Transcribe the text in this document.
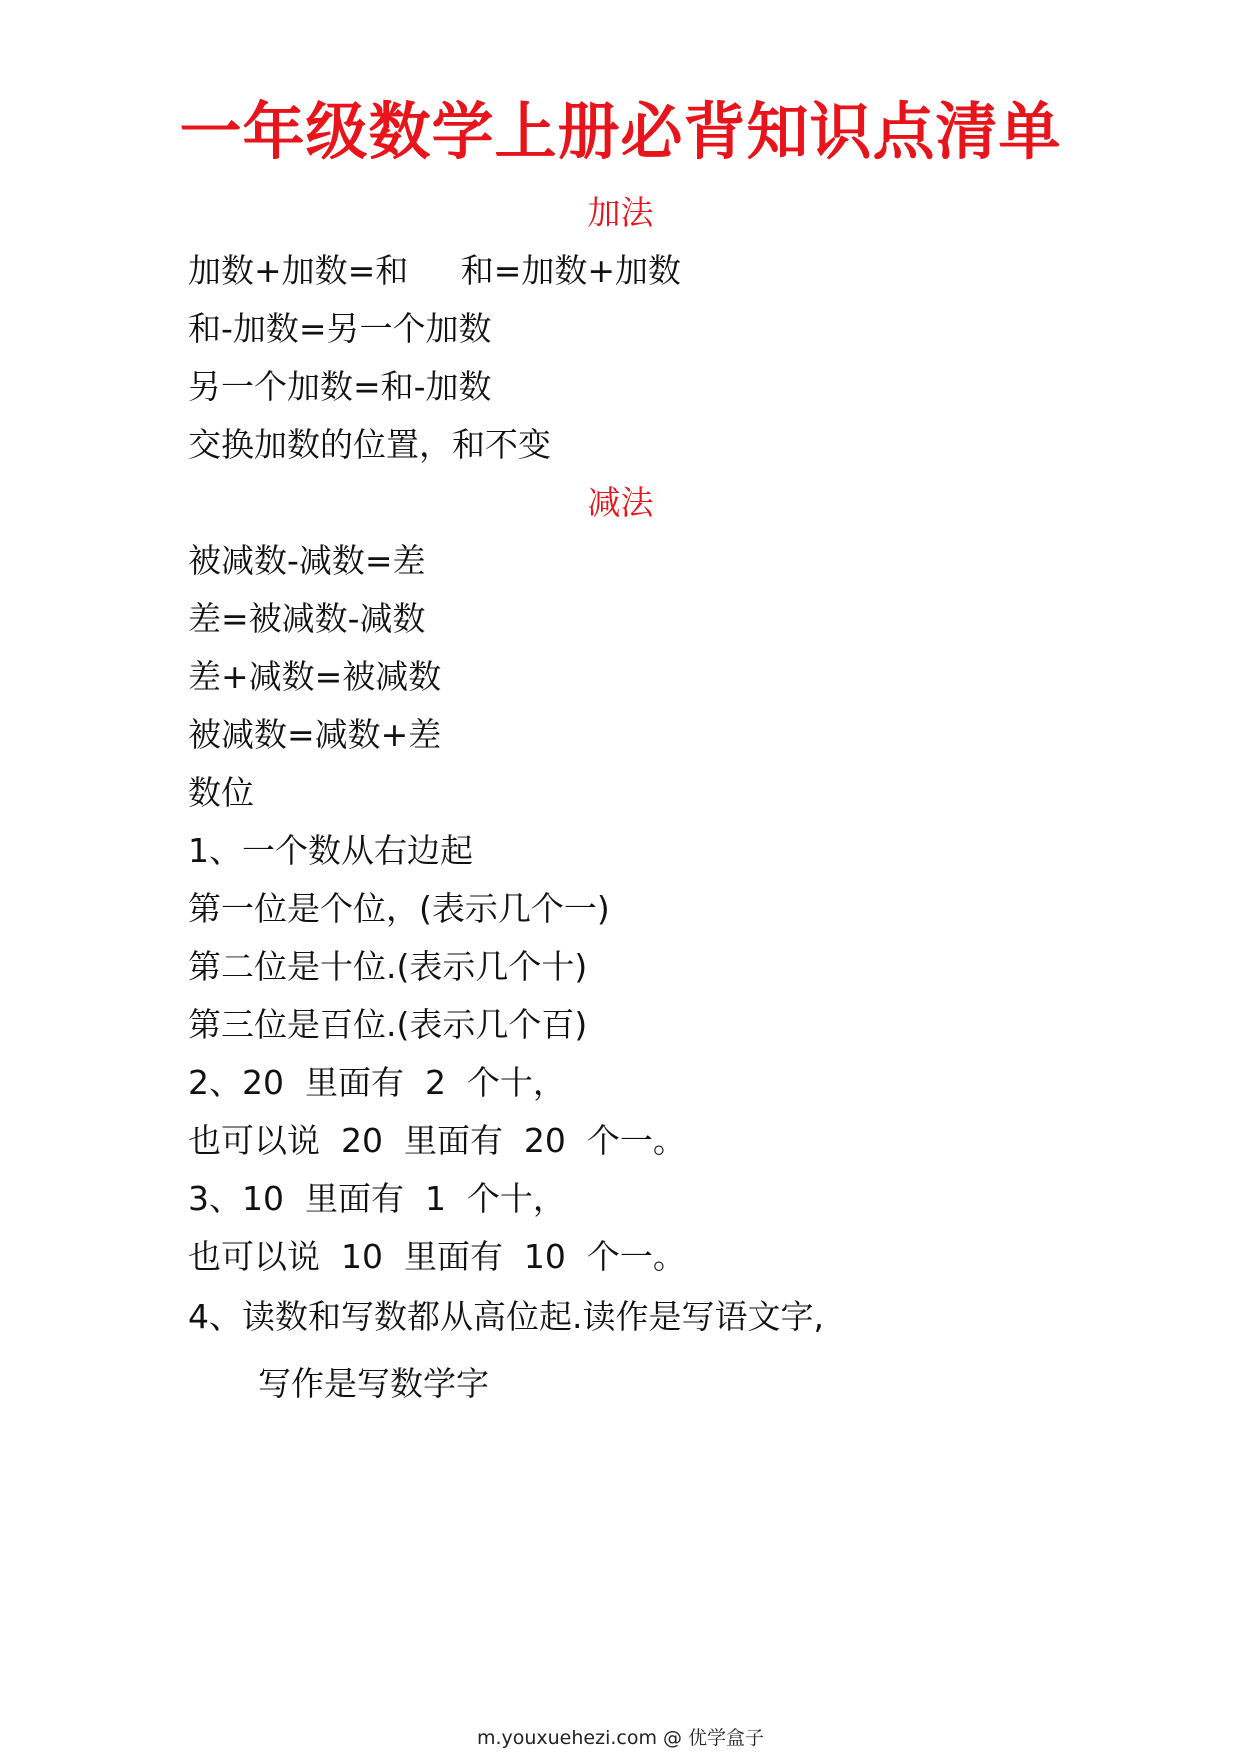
一年级数学上册必背知识点清单
加法
加数+加数=和     和=加数+加数
和-加数=另一个加数
另一个加数=和-加数
交换加数的位置，和不变
减法
被减数-减数=差
差=被减数-减数
差+减数=被减数
被减数=减数+差
数位
1、一个数从右边起
第一位是个位，(表示几个一)
第二位是十位.(表示几个十)
第三位是百位.(表示几个百)
2、20  里面有  2  个十，
也可以说  20  里面有  20  个一。
3、10  里面有  1  个十，
也可以说  10  里面有  10  个一。
4、读数和写数都从高位起.读作是写语文字,
写作是写数学字
m.youxuehezi.com @ 优学盒子
